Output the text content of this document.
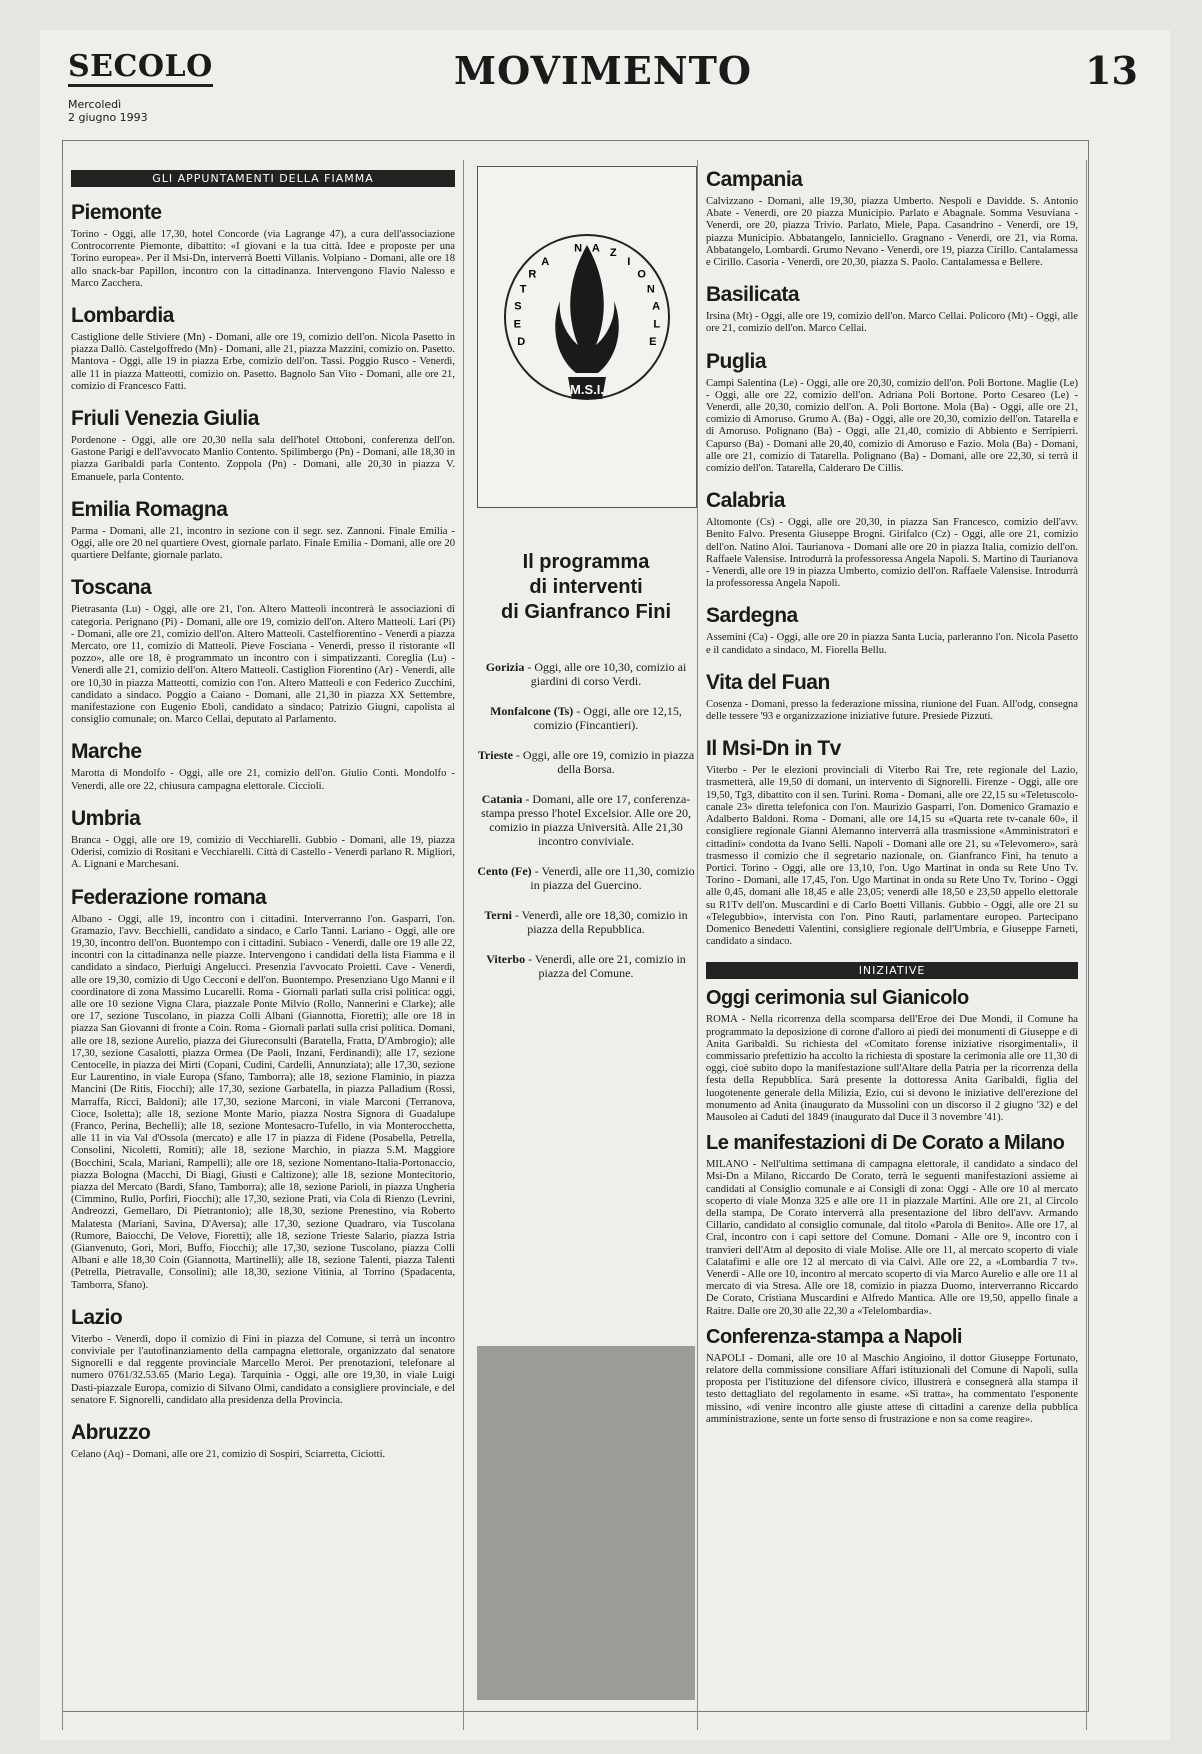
SECOLO
Mercoledì
2 giugno 1993
MOVIMENTO	13
GLI APPUNTAMENTI DELLA FIAMMA
Piemonte

Torino - Oggi, alle 17,30, hotel Concorde (via Lagrange 47), a cura dell'associazione Controcorrente Piemonte, dibattito: «I giovani e la tua città. Idee e proposte per una Torino europea». Per il Msi-Dn, interverrà Boetti Villanis. Volpiano - Domani, alle ore 18 allo snack-bar Papillon, incontro con la cittadinanza. Intervengono Flavio Nalesso e Marco Zacchera.

Lombardia

Castiglione delle Stiviere (Mn) - Domani, alle ore 19, comizio dell'on. Nicola Pasetto in piazza Dallò. Castelgoffredo (Mn) - Domani, alle 21, piazza Mazzini, comizio on. Pasetto. Mantova - Oggi, alle 19 in piazza Erbe, comizio dell'on. Tassi. Poggio Rusco - Venerdì, alle 11 in piazza Matteotti, comizio on. Pasetto. Bagnolo San Vito - Domani, alle ore 21, comizio di Francesco Fatti.

Friuli Venezia Giulia

Pordenone - Oggi, alle ore 20,30 nella sala dell'hotel Ottoboni, conferenza dell'on. Gastone Parigi e dell'avvocato Manlio Contento. Spilimbergo (Pn) - Domani, alle 18,30 in piazza Garibaldi parla Contento. Zoppola (Pn) - Domani, alle 20,30 in piazza V. Emanuele, parla Contento.

Emilia Romagna

Parma - Domani, alle 21, incontro in sezione con il segr. sez. Zannoni. Finale Emilia - Oggi, alle ore 20 nel quartiere Ovest, giornale parlato. Finale Emilia - Domani, alle ore 20 quartiere Delfante, giornale parlato.

Toscana

Pietrasanta (Lu) - Oggi, alle ore 21, l'on. Altero Matteoli incontrerà le associazioni di categoria. Perignano (Pi) - Domani, alle ore 19, comizio dell'on. Altero Matteoli. Lari (Pi) - Domani, alle ore 21, comizio dell'on. Altero Matteoli. Castelfiorentino - Venerdì a piazza Mercato, ore 11, comizio di Matteoli. Pieve Fosciana - Venerdì, presso il ristorante «Il pozzo», alle ore 18, è programmato un incontro con i simpatizzanti. Coreglia (Lu) - Venerdì alle 21, comizio dell'on. Altero Matteoli. Castiglion Fiorentino (Ar) - Venerdì, alle ore 10,30 in piazza Matteotti, comizio con l'on. Altero Matteoli e con Federico Zucchini, candidato a sindaco. Poggio a Caiano - Domani, alle 21,30 in piazza XX Settembre, manifestazione con Eugenio Eboli, candidato a sindaco; Patrizio Giugni, capolista al consiglio comunale; on. Marco Cellai, deputato al Parlamento.

Marche

Marotta di Mondolfo - Oggi, alle ore 21, comizio dell'on. Giulio Conti. Mondolfo - Venerdì, alle ore 22, chiusura campagna elettorale. Ciccioli.

Umbria

Branca - Oggi, alle ore 19, comizio di Vecchiarelli. Gubbio - Domani, alle 19, piazza Oderisi, comizio di Rositani e Vecchiarelli. Città di Castello - Venerdì parlano R. Migliori, A. Lignani e Marchesani.

Federazione romana

Albano - Oggi, alle 19, incontro con i cittadini. Interverranno l'on. Gasparri, l'on. Gramazio, l'avv. Becchielli, candidato a sindaco, e Carlo Tanni. Lariano - Oggi, alle ore 19,30, incontro dell'on. Buontempo con i cittadini. Subiaco - Venerdì, dalle ore 19 alle 22, incontri con la cittadinanza nelle piazze. Intervengono i candidati della lista Fiamma e il candidato a sindaco, Pierluigi Angelucci. Presenzia l'avvocato Proietti. Cave - Venerdì, alle ore 19,30, comizio di Ugo Cecconi e dell'on. Buontempo. Presenziano Ugo Manni e il coordinatore di zona Massimo Lucarelli. Roma - Giornali parlati sulla crisi politica: oggi, alle ore 10 sezione Vigna Clara, piazzale Ponte Milvio (Rollo, Nannerini e Clarke); alle ore 17, sezione Tuscolano, in piazza Colli Albani (Giannotta, Fioretti); alle ore 18 in piazza San Giovanni di fronte a Coin. Roma - Giornali parlati sulla crisi politica. Domani, alle ore 18, sezione Aurelio, piazza dei Giureconsulti (Baratella, Fratta, D'Ambrogio); alle 17,30, sezione Casalotti, piazza Ormea (De Paoli, Inzani, Ferdinandi); alle 17, sezione Centocelle, in piazza dei Mirti (Copani, Cudini, Cardelli, Annunziata); alle 17,30, sezione Eur Laurentino, in viale Europa (Sfano, Tamborra); alle 18, sezione Flaminio, in piazza Mancini (De Ritis, Fiocchi); alle 17,30, sezione Garbatella, in piazza Palladium (Rossi, Marraffa, Ricci, Baldoni); alle 17,30, sezione Marconi, in viale Marconi (Terranova, Cioce, Isoletta); alle 18, sezione Monte Mario, piazza Nostra Signora di Guadalupe (Franco, Perina, Bechelli); alle 18, sezione Montesacro-Tufello, in via Monterocchetta, alle 11 in via Val d'Ossola (mercato) e alle 17 in piazza di Fidene (Posabella, Petrella, Consolini, Nicoletti, Romiti); alle 18, sezione Marchio, in piazza S.M. Maggiore (Bocchini, Scala, Mariani, Rampelli); alle ore 18, sezione Nomentano-Italia-Portonaccio, piazza Bologna (Macchi, Di Biagi, Giusti e Caltizone); alle 18, sezione Montecitorio, piazza del Mercato (Bardi, Sfano, Tamborra); alle 18, sezione Parioli, in piazza Ungheria (Cimmino, Rullo, Porfiri, Fiocchi); alle 17,30, sezione Prati, via Cola di Rienzo (Levrini, Andreozzi, Gemellaro, Di Pietrantonio); alle 18,30, sezione Prenestino, via Roberto Malatesta (Mariani, Savina, D'Aversa); alle 17,30, sezione Quadraro, via Tuscolana (Rumore, Baiocchi, De Velove, Fioretti); alle 18, sezione Trieste Salario, piazza Istria (Gianvenuto, Gori, Mori, Buffo, Fiocchi); alle 17,30, sezione Tuscolano, piazza Colli Albani e alle 18,30 Coin (Giannotta, Martinelli); alle 18, sezione Talenti, piazza Talenti (Petrella, Pietravalle, Consolini); alle 18,30, sezione Vitinia, al Torrino (Spadacenta, Tamborra, Sfano).

Lazio

Viterbo - Venerdì, dopo il comizio di Fini in piazza del Comune, si terrà un incontro conviviale per l'autofinanziamento della campagna elettorale, organizzato dal senatore Signorelli e dal reggente provinciale Marcello Meroi. Per prenotazioni, telefonare al numero 0761/32.53.65 (Mario Lega). Tarquinia - Oggi, alle ore 19,30, in viale Luigi Dasti-piazzale Europa, comizio di Silvano Olmi, candidato a consigliere provinciale, e del senatore F. Signorelli, candidato alla presidenza della Provincia.

Abruzzo

Celano (Aq) - Domani, alle ore 21, comizio di Sospiri, Sciarretta, Ciciotti.

M.S.I.
D
E
S
T
R
A
N A Z
I
O
N
A
L
E
Il programma
di interventi
di Gianfranco Fini
Gorizia - Oggi, alle ore 10,30, comizio ai giardini di corso Verdi.
Monfalcone (Ts) - Oggi, alle ore 12,15, comizio (Fincantieri).
Trieste - Oggi, alle ore 19, comizio in piazza della Borsa.
Catania - Domani, alle ore 17, conferenza-stampa presso l'hotel Excelsior. Alle ore 20, comizio in piazza Università. Alle 21,30 incontro conviviale.
Cento (Fe) - Venerdì, alle ore 11,30, comizio in piazza del Guercino.
Terni - Venerdì, alle ore 18,30, comizio in piazza della Repubblica.
Viterbo - Venerdì, alle ore 21, comizio in piazza del Comune.
Campania

Calvizzano - Domani, alle 19,30, piazza Umberto. Nespoli e Davidde. S. Antonio Abate - Venerdì, ore 20 piazza Municipio. Parlato e Abagnale. Somma Vesuviana - Venerdì, ore 20, piazza Trivio. Parlato, Miele, Papa. Casandrino - Venerdì, ore 19, piazza Municipio. Abbatangelo, Ianniciello. Gragnano - Venerdì, ore 21, via Roma. Abbatangelo, Lombardi. Grumo Nevano - Venerdì, ore 19, piazza Cirillo. Cantalamessa e Cirillo. Casoria - Venerdì, ore 20,30, piazza S. Paolo. Cantalamessa e Bellere.

Basilicata

Irsina (Mt) - Oggi, alle ore 19, comizio dell'on. Marco Cellai. Policoro (Mt) - Oggi, alle ore 21, comizio dell'on. Marco Cellai.

Puglia

Campi Salentina (Le) - Oggi, alle ore 20,30, comizio dell'on. Poli Bortone. Maglie (Le) - Oggi, alle ore 22, comizio dell'on. Adriana Poli Bortone. Porto Cesareo (Le) - Venerdì, alle 20,30, comizio dell'on. A. Poli Bortone. Mola (Ba) - Oggi, alle ore 21, comizio di Amoruso. Grumo A. (Ba) - Oggi, alle ore 20,30, comizio dell'on. Tatarella e di Amoruso. Polignano (Ba) - Oggi, alle 21,40, comizio di Abbiento e Serripierri. Capurso (Ba) - Domani alle 20,40, comizio di Amoruso e Fazio. Mola (Ba) - Domani, alle ore 21, comizio di Tatarella. Polignano (Ba) - Domani, alle ore 22,30, si terrà il comizio dell'on. Tatarella, Calderaro De Cillis.

Calabria

Altomonte (Cs) - Oggi, alle ore 20,30, in piazza San Francesco, comizio dell'avv. Benito Falvo. Presenta Giuseppe Brogni. Girifalco (Cz) - Oggi, alle ore 21, comizio dell'on. Natino Aloi. Taurianova - Domani alle ore 20 in piazza Italia, comizio dell'on. Raffaele Valensise. Introdurrà la professoressa Angela Napoli. S. Martino di Taurianova - Venerdì, alle ore 19 in piazza Umberto, comizio dell'on. Raffaele Valensise. Introdurrà la professoressa Angela Napoli.

Sardegna

Assemini (Ca) - Oggi, alle ore 20 in piazza Santa Lucia, parleranno l'on. Nicola Pasetto e il candidato a sindaco, M. Fiorella Bellu.

Vita del Fuan

Cosenza - Domani, presso la federazione missina, riunione del Fuan. All'odg, consegna delle tessere '93 e organizzazione iniziative future. Presiede Pizzuti.

Il Msi-Dn in Tv

Viterbo - Per le elezioni provinciali di Viterbo Rai Tre, rete regionale del Lazio, trasmetterà, alle 19,50 di domani, un intervento di Signorelli. Firenze - Oggi, alle ore 19,50, Tg3, dibattito con il sen. Turini. Roma - Domani, alle ore 22,15 su «Teletuscolo-canale 23» diretta telefonica con l'on. Maurizio Gasparri, l'on. Domenico Gramazio e Adalberto Baldoni. Roma - Domani, alle ore 14,15 su «Quarta rete tv-canale 60», il consigliere regionale Gianni Alemanno interverrà alla trasmissione «Amministratori e cittadini» condotta da Ivano Selli. Napoli - Domani alle ore 21, su «Televomero», sarà trasmesso il comizio che il segretario nazionale, on. Gianfranco Fini, ha tenuto a Portici. Torino - Oggi, alle ore 13,10, l'on. Ugo Martinat in onda su Rete Uno Tv. Torino - Domani, alle 17,45, l'on. Ugo Martinat in onda su Rete Uno Tv. Torino - Oggi alle 0,45, domani alle 18,45 e alle 23,05; venerdì alle 18,50 e 23,50 appello elettorale su R1Tv dell'on. Muscardini e di Carlo Boetti Villanis. Gubbio - Oggi, alle ore 21 su «Telegubbio», intervista con l'on. Pino Rauti, parlamentare europeo. Partecipano Domenico Benedetti Valentini, consigliere regionale dell'Umbria, e Giuseppe Farneti, candidato a sindaco.

INIZIATIVE
Oggi cerimonia sul Gianicolo

ROMA - Nella ricorrenza della scomparsa dell'Eroe dei Due Mondi, il Comune ha programmato la deposizione di corone d'alloro ai piedi dei monumenti di Giuseppe e di Anita Garibaldi. Su richiesta del «Comitato forense iniziative risorgimentali», il commissario prefettizio ha accolto la richiesta di spostare la cerimonia alle ore 11,30 di oggi, cioè subito dopo la manifestazione sull'Altare della Patria per la ricorrenza della festa della Repubblica. Sarà presente la dottoressa Anita Garibaldi, figlia del luogotenente generale della Milizia, Ezio, cui si devono le iniziative dell'erezione del monumento ad Anita (inaugurato da Mussolini con un discorso il 2 giugno '32) e del Mausoleo ai Caduti del 1849 (inaugurato dal Duce il 3 novembre '41).

Le manifestazioni di De Corato a Milano

MILANO - Nell'ultima settimana di campagna elettorale, il candidato a sindaco del Msi-Dn a Milano, Riccardo De Corato, terrà le seguenti manifestazioni assieme ai candidati al Consiglio comunale e ai Consigli di zona: Oggi - Alle ore 10 al mercato scoperto di viale Monza 325 e alle ore 11 in piazzale Martini. Alle ore 21, al Circolo della stampa, De Corato interverrà alla presentazione del libro dell'avv. Armando Cillario, candidato al consiglio comunale, dal titolo «Parola di Benito». Alle ore 17, al Cral, incontro con i capi settore del Comune. Domani - Alle ore 9, incontro con i tranvieri dell'Atm al deposito di viale Molise. Alle ore 11, al mercato scoperto di viale Calatafimi e alle ore 12 al mercato di via Calvi. Alle ore 22, a «Lombardia 7 tv». Venerdì - Alle ore 10, incontro al mercato scoperto di via Marco Aurelio e alle ore 11 al mercato di via Stresa. Alle ore 18, comizio in piazza Duomo, interverranno Riccardo De Corato, Cristiana Muscardini e Alfredo Mantica. Alle ore 19,50, appello finale a Raitre. Dalle ore 20,30 alle 22,30 a «Telelombardia».

Conferenza-stampa a Napoli

NAPOLI - Domani, alle ore 10 al Maschio Angioino, il dottor Giuseppe Fortunato, relatore della commissione consiliare Affari istituzionali del Comune di Napoli, sulla proposta per l'istituzione del difensore civico, illustrerà e consegnerà alla stampa il testo dettagliato del regolamento in esame. «Si tratta», ha commentato l'esponente missino, «di venire incontro alle giuste attese di cittadini a carenze della pubblica amministrazione, sente un forte senso di frustrazione e non sa come reagire».
